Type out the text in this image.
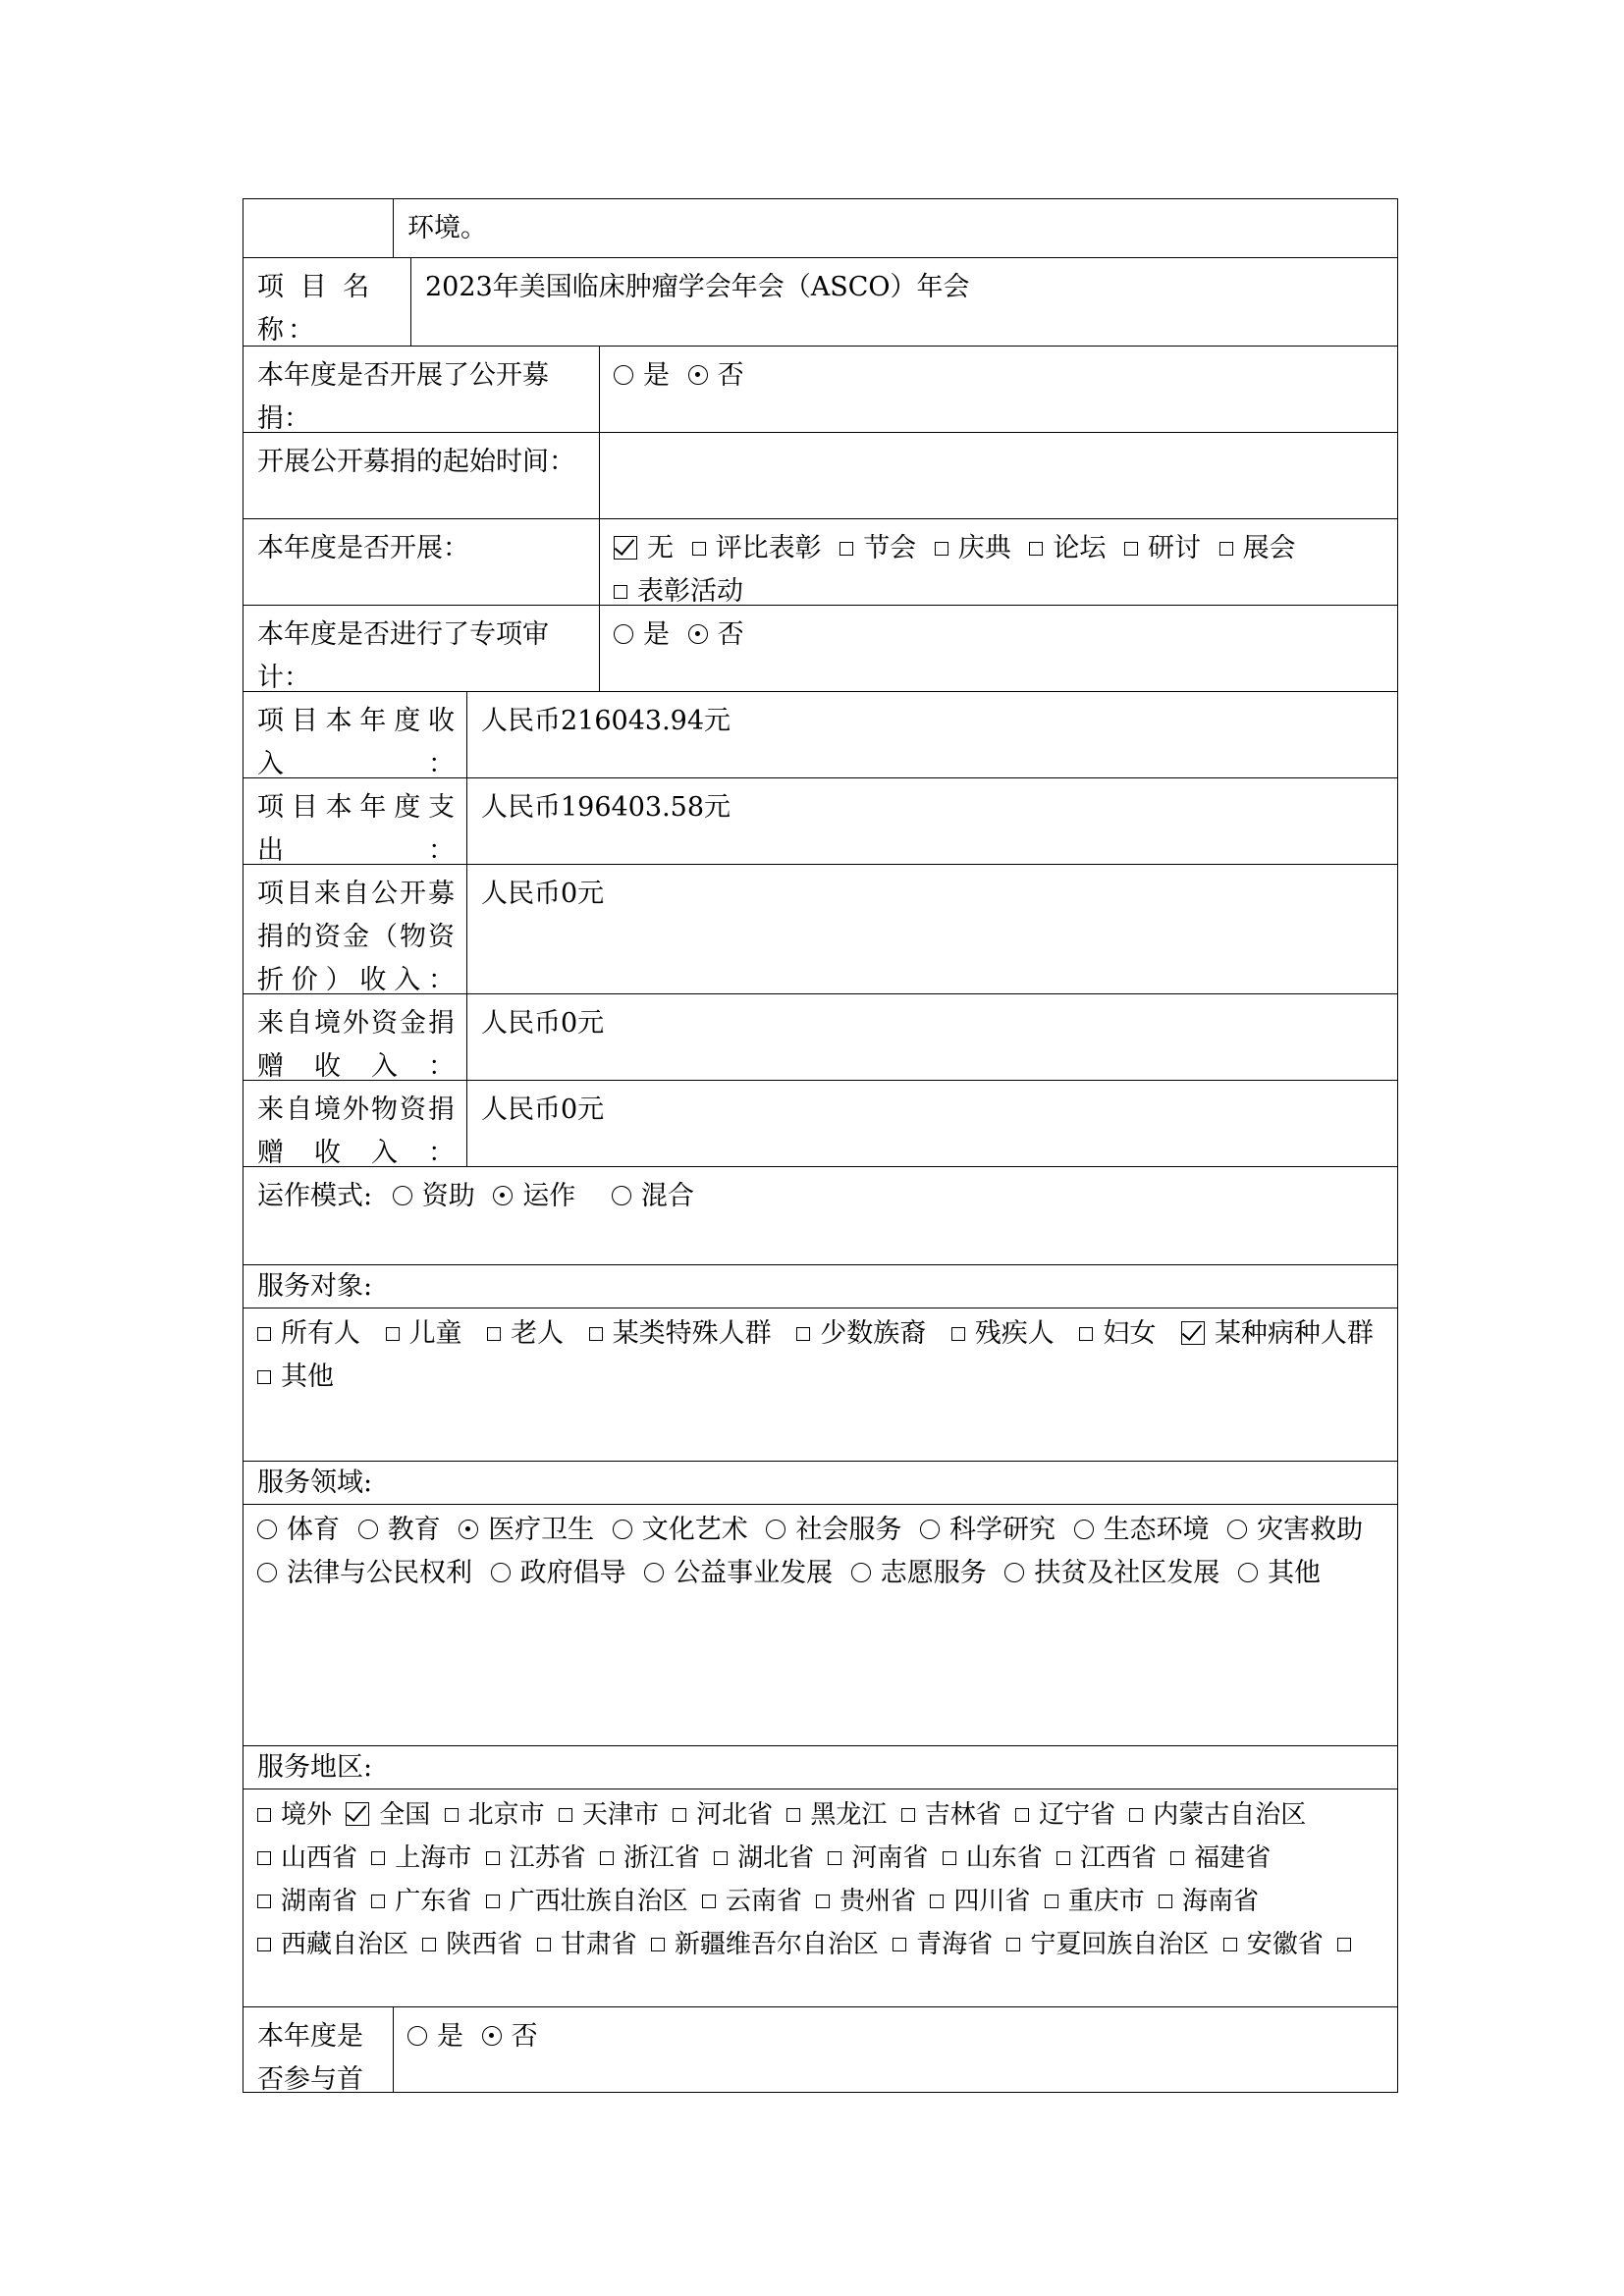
环境。
项 目 名称：
2023年美国临床肿瘤学会年会（ASCO）年会
本年度是否开展了公开募捐：
是 否
开展公开募捐的起始时间：
本年度是否开展：	无 评比表彰 节会 庆典 论坛 研讨 展会 表彰活动
本年度是否进行了专项审计：
是 否
项目本年度收入：
人民币216043.94元
项目本年度支出：
人民币196403.58元
项目来自公开募捐的资金（物资折价）收入：
人民币0元
来自境外资金捐赠收入：
人民币0元
来自境外物资捐赠收入：
人民币0元
运作模式: 资助 运作 混合
服务对象:
所有人 儿童 老人 某类特殊人群 少数族裔 残疾人 妇女 某种病种人群 其他
服务领域:
体育 教育 医疗卫生 文化艺术 社会服务 科学研究 生态环境 灾害救助 法律与公民权利 政府倡导 公益事业发展 志愿服务 扶贫及社区发展 其他
服务地区:
境外 全国 北京市 天津市 河北省 黑龙江 吉林省 辽宁省 内蒙古自治区 山西省 上海市 江苏省 浙江省 湖北省 河南省 山东省 江西省 福建省 湖南省 广东省 广西壮族自治区 云南省 贵州省 四川省 重庆市 海南省 西藏自治区 陕西省 甘肃省 新疆维吾尔自治区 青海省 宁夏回族自治区 安徽省
本年度是否参与首
是 否
